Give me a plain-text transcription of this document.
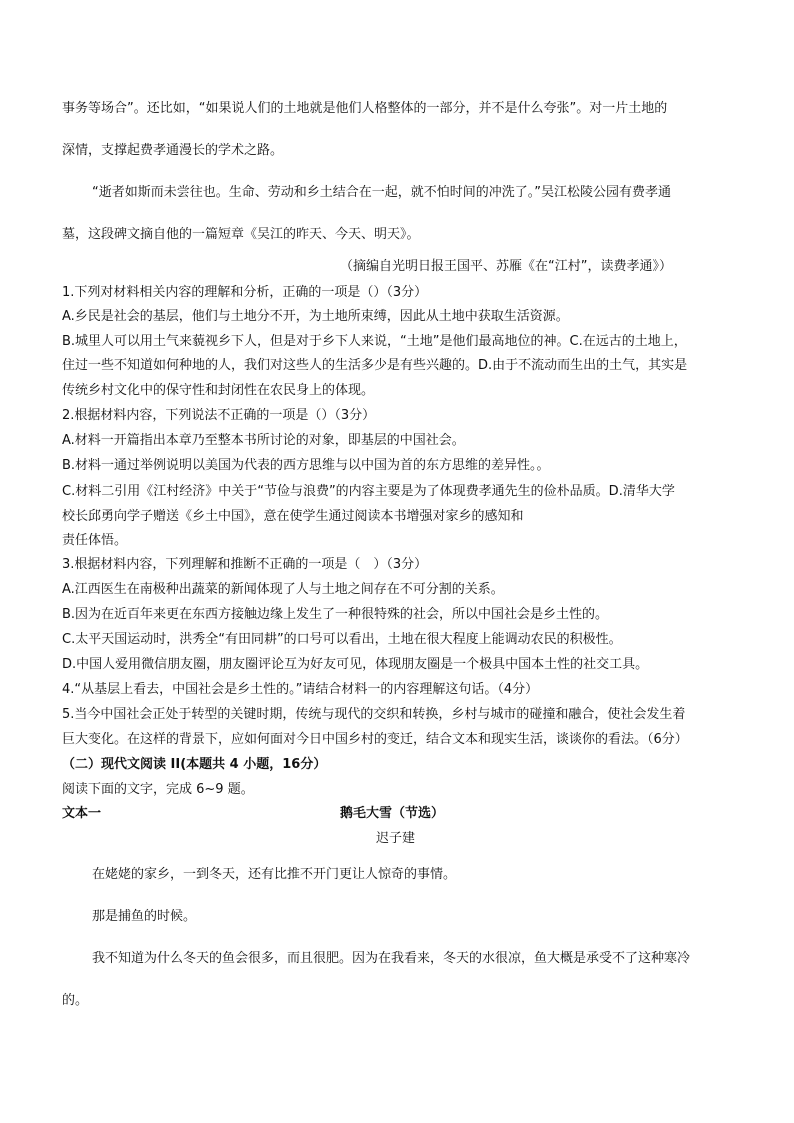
事务等场合”。还比如，“如果说人们的土地就是他们人格整体的一部分，并不是什么夸张”。对一片土地的
深情，支撑起费孝通漫长的学术之路。
“逝者如斯而未尝往也。生命、劳动和乡土结合在一起，就不怕时间的冲洗了。”吴江松陵公园有费孝通
墓，这段碑文摘自他的一篇短章《吴江的昨天、今天、明天》。
（摘编自光明日报王国平、苏雁《在“江村”，读费孝通》）
1.下列对材料相关内容的理解和分析，正确的一项是（）（3分）
A.乡民是社会的基层，他们与土地分不开，为土地所束缚，因此从土地中获取生活资源。
B.城里人可以用土气来藐视乡下人，但是对于乡下人来说，“土地”是他们最高地位的神。C.在远古的土地上，
住过一些不知道如何种地的人，我们对这些人的生活多少是有些兴趣的。D.由于不流动而生出的土气，其实是
传统乡村文化中的保守性和封闭性在农民身上的体现。
2.根据材料内容，下列说法不正确的一项是（）（3分）
A.材料一开篇指出本章乃至整本书所讨论的对象，即基层的中国社会。
B.材料一通过举例说明以美国为代表的西方思维与以中国为首的东方思维的差异性。。
C.材料二引用《江村经济》中关于“节俭与浪费”的内容主要是为了体现费孝通先生的俭朴品质。D.清华大学
校长邱勇向学子赠送《乡土中国》，意在使学生通过阅读本书增强对家乡的感知和
责任体悟。
3.根据材料内容，下列理解和推断不正确的一项是（　）（3分）
A.江西医生在南极种出蔬菜的新闻体现了人与土地之间存在不可分割的关系。
B.因为在近百年来更在东西方接触边缘上发生了一种很特殊的社会，所以中国社会是乡土性的。
C.太平天国运动时，洪秀全“有田同耕”的口号可以看出，土地在很大程度上能调动农民的积极性。
D.中国人爱用微信朋友圈，朋友圈评论互为好友可见，体现朋友圈是一个极具中国本土性的社交工具。
4.“从基层上看去，中国社会是乡土性的。”请结合材料一的内容理解这句话。（4分）
5.当今中国社会正处于转型的关键时期，传统与现代的交织和转换，乡村与城市的碰撞和融合，使社会发生着
巨大变化。在这样的背景下，应如何面对今日中国乡村的变迁，结合文本和现实生活，谈谈你的看法。（6分）
（二）现代文阅读 II(本题共 4 小题，16分）
阅读下面的文字，完成 6~9 题。
文本一	鹅毛大雪（节选）
迟子建
在姥姥的家乡，一到冬天，还有比推不开门更让人惊奇的事情。
那是捕鱼的时候。
我不知道为什么冬天的鱼会很多，而且很肥。因为在我看来，冬天的水很凉，鱼大概是承受不了这种寒冷
的。
